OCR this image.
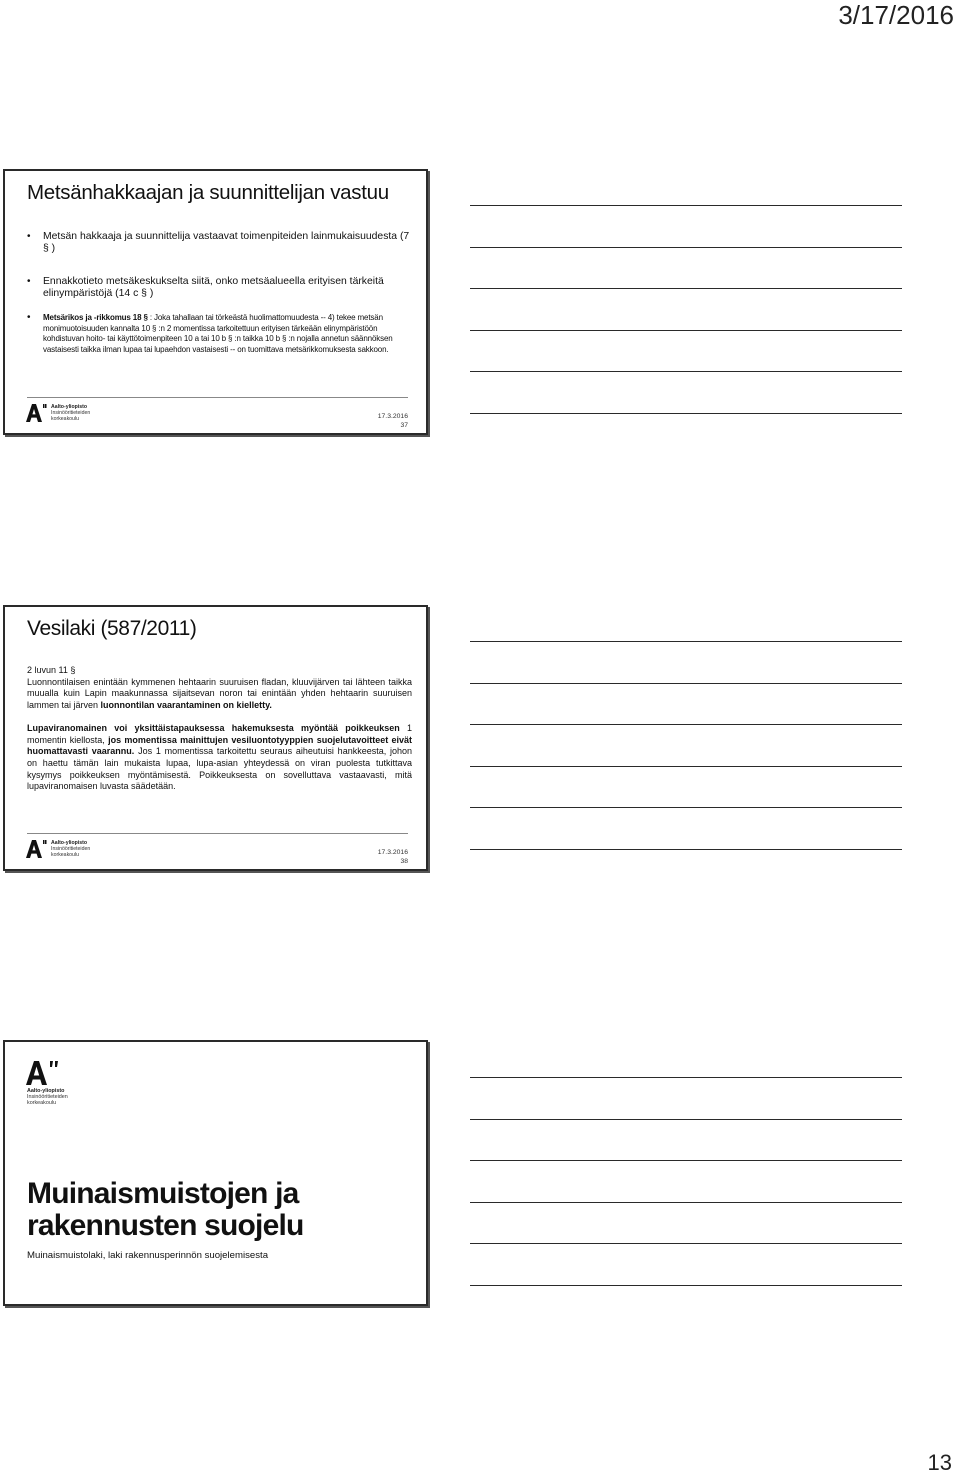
3/17/2016
Metsänhakkaajan ja suunnittelijan vastuu
• Metsän hakkaaja ja suunnittelija vastaavat toimenpiteiden lainmukaisuudesta (7 § )
• Ennakkotieto metsäkeskukselta siitä, onko metsäalueella erityisen tärkeitä elinympäristöjä (14 c § )
• Metsärikos ja -rikkomus 18 § : Joka tahallaan tai törkeästä huolimattomuudesta -- 4) tekee metsän monimuotoisuuden kannalta 10 § :n 2 momentissa tarkoitettuun erityisen tärkeään elinympäristöön kohdistuvan hoito- tai käyttötoimenpiteen 10 a tai 10 b § :n taikka 10 b § :n nojalla annetun säännöksen vastaisesti taikka ilman lupaa tai lupaehdon vastaisesti -- on tuomittava metsärikkomuksesta sakkoon.
Aalto-yliopisto
Insinööritieteiden
korkeakoulu	17.3.2016
37
Vesilaki (587/2011)

2 luvun 11 §

Luonnontilaisen enintään kymmenen hehtaarin suuruisen fladan, kluuvijärven tai lähteen taikka muualla kuin Lapin maakunnassa sijaitsevan noron tai enintään yhden hehtaarin suuruisen lammen tai järven luonnontilan vaarantaminen on kielletty.

Lupaviranomainen voi yksittäistapauksessa hakemuksesta myöntää poikkeuksen 1 momentin kiellosta, jos momentissa mainittujen vesiluontotyyppien suojelutavoitteet eivät huomattavasti vaarannu. Jos 1 momentissa tarkoitettu seuraus aiheutuisi hankkeesta, johon on haettu tämän lain mukaista lupaa, lupa-asian yhteydessä on viran puolesta tutkittava kysymys poikkeuksen myöntämisestä. Poikkeuksesta on sovelluttava vastaavasti, mitä lupaviranomaisen luvasta säädetään.

Aalto-yliopisto
Insinööritieteiden
korkeakoulu	17.3.2016
38
Aalto-yliopisto
Insinööritieteiden
korkeakoulu
Muinaismuistojen ja rakennusten suojelu
Muinaismuistolaki, laki rakennusperinnön suojelemisesta
13
